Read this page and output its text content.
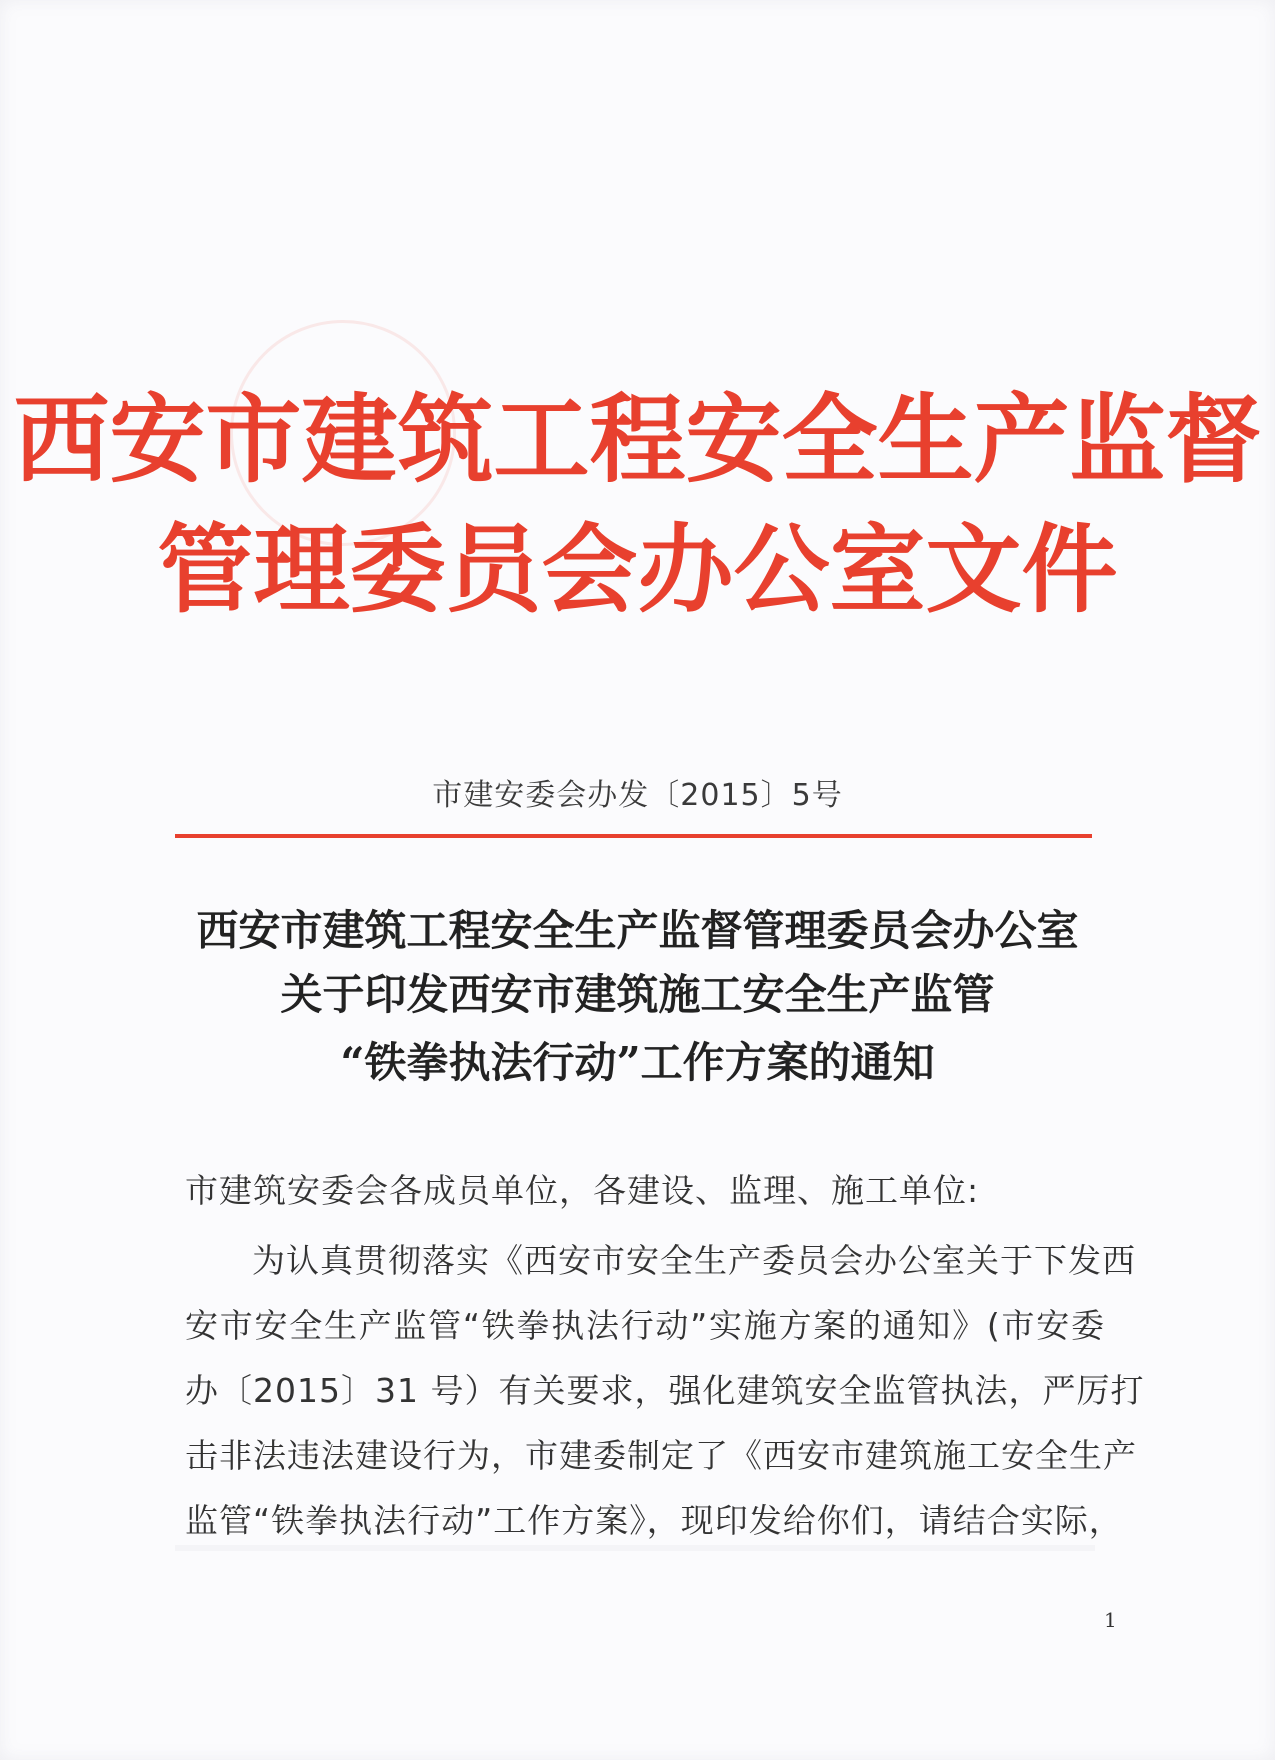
西安市建筑工程安全生产监督
管理委员会办公室文件
市建安委会办发〔2015〕5号
西安市建筑工程安全生产监督管理委员会办公室
关于印发西安市建筑施工安全生产监管
“铁拳执法行动”工作方案的通知
市建筑安委会各成员单位，各建设、监理、施工单位:
为认真贯彻落实《西安市安全生产委员会办公室关于下发西
安市安全生产监管“铁拳执法行动”实施方案的通知》(市安委
办〔2015〕31 号）有关要求，强化建筑安全监管执法，严厉打
击非法违法建设行为，市建委制定了《西安市建筑施工安全生产
监管“铁拳执法行动”工作方案》，现印发给你们，请结合实际，
1
